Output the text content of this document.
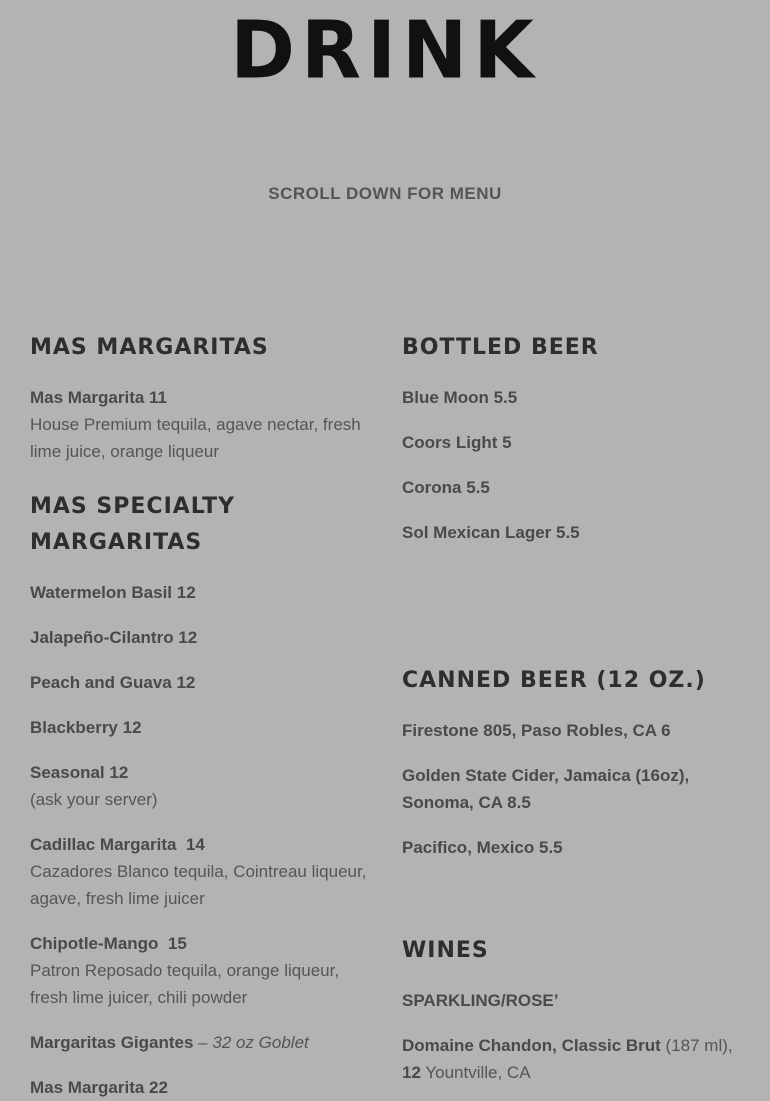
DRINK
SCROLL DOWN FOR MENU
MAS MARGARITAS
Mas Margarita 11
House Premium tequila, agave nectar, fresh lime juice, orange liqueur
MAS SPECIALTY MARGARITAS
Watermelon Basil 12
Jalapeño-Cilantro 12
Peach and Guava 12
Blackberry 12
Seasonal 12
(ask your server)
Cadillac Margarita  14
Cazadores Blanco tequila, Cointreau liqueur, agave, fresh lime juicer
Chipotle-Mango  15
Patron Reposado tequila, orange liqueur, fresh lime juicer, chili powder
Margaritas Gigantes – 32 oz Goblet
Mas Margarita 22
BOTTLED BEER
Blue Moon 5.5
Coors Light 5
Corona 5.5
Sol Mexican Lager 5.5
CANNED BEER (12 OZ.)
Firestone 805, Paso Robles, CA 6
Golden State Cider, Jamaica (16oz), Sonoma, CA 8.5
Pacifico, Mexico 5.5
WINES
SPARKLING/ROSE’
Domaine Chandon, Classic Brut (187 ml), 12 Yountville, CA
